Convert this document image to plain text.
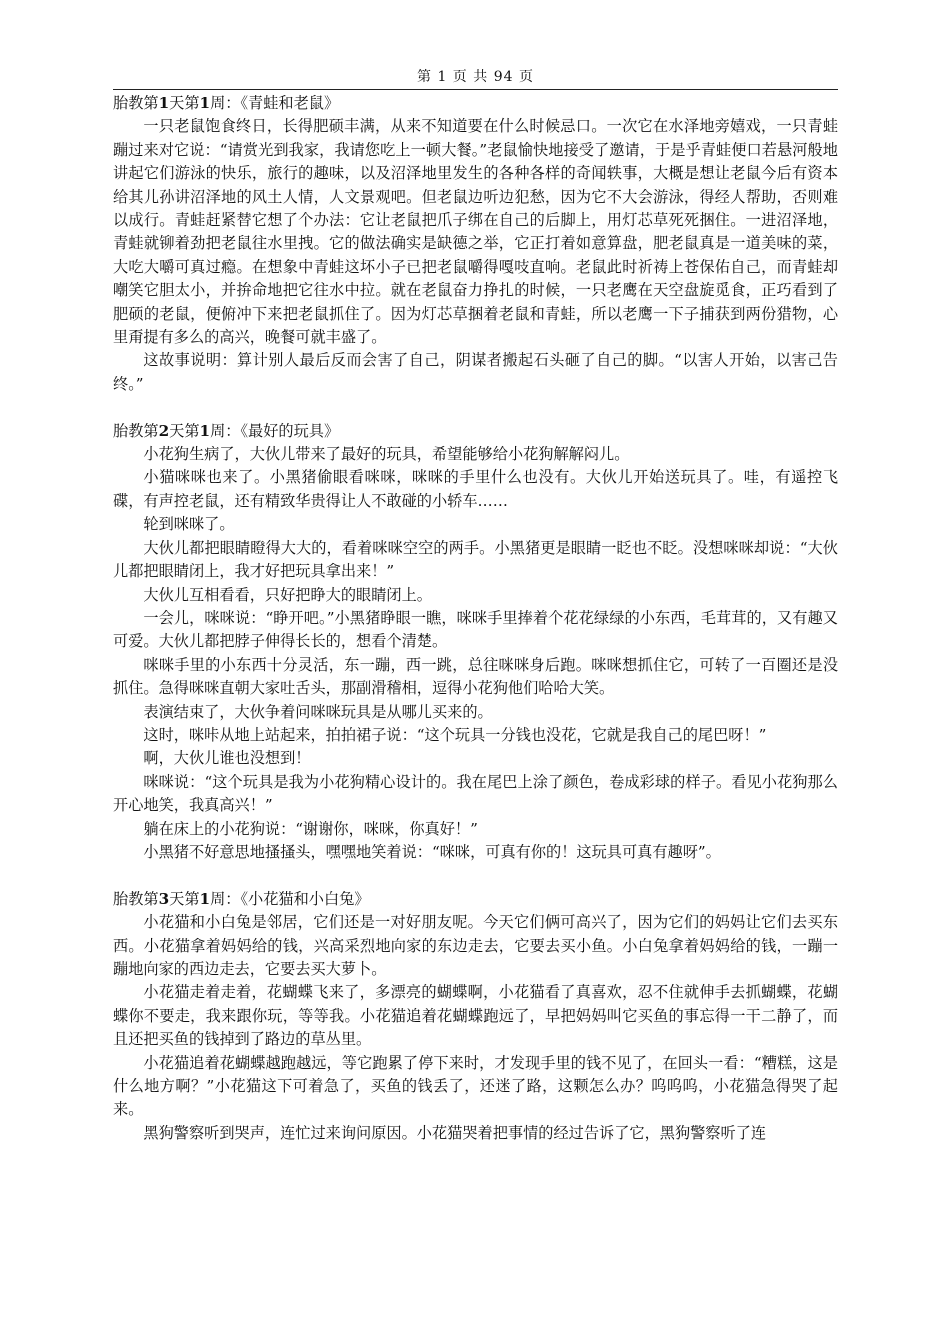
第 1 页 共 94 页

胎教第1天第1周：《青蛙和老鼠》

一只老鼠饱食终日，长得肥硕丰满，从来不知道要在什么时候忌口。一次它在水泽地旁嬉戏，一只青蛙蹦过来对它说：“请赏光到我家，我请您吃上一顿大餐。”老鼠愉快地接受了邀请，于是乎青蛙便口若悬河般地讲起它们游泳的快乐，旅行的趣味，以及沼泽地里发生的各种各样的奇闻轶事，大概是想让老鼠今后有资本给其儿孙讲沼泽地的风土人情，人文景观吧。但老鼠边听边犯愁，因为它不大会游泳，得经人帮助，否则难以成行。青蛙赶紧替它想了个办法：它让老鼠把爪子绑在自己的后脚上，用灯芯草死死捆住。一进沼泽地，青蛙就铆着劲把老鼠往水里拽。它的做法确实是缺德之举，它正打着如意算盘，肥老鼠真是一道美味的菜，大吃大嚼可真过瘾。在想象中青蛙这坏小子已把老鼠嚼得嘎吱直响。老鼠此时祈祷上苍保佑自己，而青蛙却嘲笑它胆太小，并拚命地把它往水中拉。就在老鼠奋力挣扎的时候，一只老鹰在天空盘旋觅食，正巧看到了肥硕的老鼠，便俯冲下来把老鼠抓住了。因为灯芯草捆着老鼠和青蛙，所以老鹰一下子捕获到两份猎物，心里甭提有多么的高兴，晚餐可就丰盛了。

这故事说明：算计别人最后反而会害了自己，阴谋者搬起石头砸了自己的脚。“以害人开始，以害己告终。”

胎教第2天第1周：《最好的玩具》

小花狗生病了，大伙儿带来了最好的玩具，希望能够给小花狗解解闷儿。

小猫咪咪也来了。小黑猪偷眼看咪咪，咪咪的手里什么也没有。大伙儿开始送玩具了。哇，有遥控飞碟，有声控老鼠，还有精致华贵得让人不敢碰的小轿车……

轮到咪咪了。

大伙儿都把眼睛瞪得大大的，看着咪咪空空的两手。小黑猪更是眼睛一眨也不眨。没想咪咪却说：“大伙儿都把眼睛闭上，我才好把玩具拿出来！”

大伙儿互相看看，只好把睁大的眼睛闭上。

一会儿，咪咪说：“睁开吧。”小黑猪睁眼一瞧，咪咪手里捧着个花花绿绿的小东西，毛茸茸的，又有趣又可爱。大伙儿都把脖子伸得长长的，想看个清楚。

咪咪手里的小东西十分灵活，东一蹦，西一跳，总往咪咪身后跑。咪咪想抓住它，可转了一百圈还是没抓住。急得咪咪直朝大家吐舌头，那副滑稽相，逗得小花狗他们哈哈大笑。

表演结束了，大伙争着问咪咪玩具是从哪儿买来的。

这时，咪咔从地上站起来，拍拍裙子说：“这个玩具一分钱也没花，它就是我自己的尾巴呀！”

啊，大伙儿谁也没想到！

咪咪说：“这个玩具是我为小花狗精心设计的。我在尾巴上涂了颜色，卷成彩球的样子。看见小花狗那么开心地笑，我真高兴！”

躺在床上的小花狗说：“谢谢你，咪咪，你真好！”

小黑猪不好意思地搔搔头，嘿嘿地笑着说：“咪咪，可真有你的！这玩具可真有趣呀”。

胎教第3天第1周：《小花猫和小白兔》

小花猫和小白兔是邻居，它们还是一对好朋友呢。今天它们俩可高兴了，因为它们的妈妈让它们去买东西。小花猫拿着妈妈给的钱，兴高采烈地向家的东边走去，它要去买小鱼。小白兔拿着妈妈给的钱，一蹦一蹦地向家的西边走去，它要去买大萝卜。

小花猫走着走着，花蝴蝶飞来了，多漂亮的蝴蝶啊，小花猫看了真喜欢，忍不住就伸手去抓蝴蝶，花蝴蝶你不要走，我来跟你玩，等等我。小花猫追着花蝴蝶跑远了，早把妈妈叫它买鱼的事忘得一干二静了，而且还把买鱼的钱掉到了路边的草丛里。

小花猫追着花蝴蝶越跑越远，等它跑累了停下来时，才发现手里的钱不见了，在回头一看：“糟糕，这是什么地方啊？”小花猫这下可着急了，买鱼的钱丢了，还迷了路，这颗怎么办？呜呜呜，小花猫急得哭了起来。

黑狗警察听到哭声，连忙过来询问原因。小花猫哭着把事情的经过告诉了它，黑狗警察听了连
